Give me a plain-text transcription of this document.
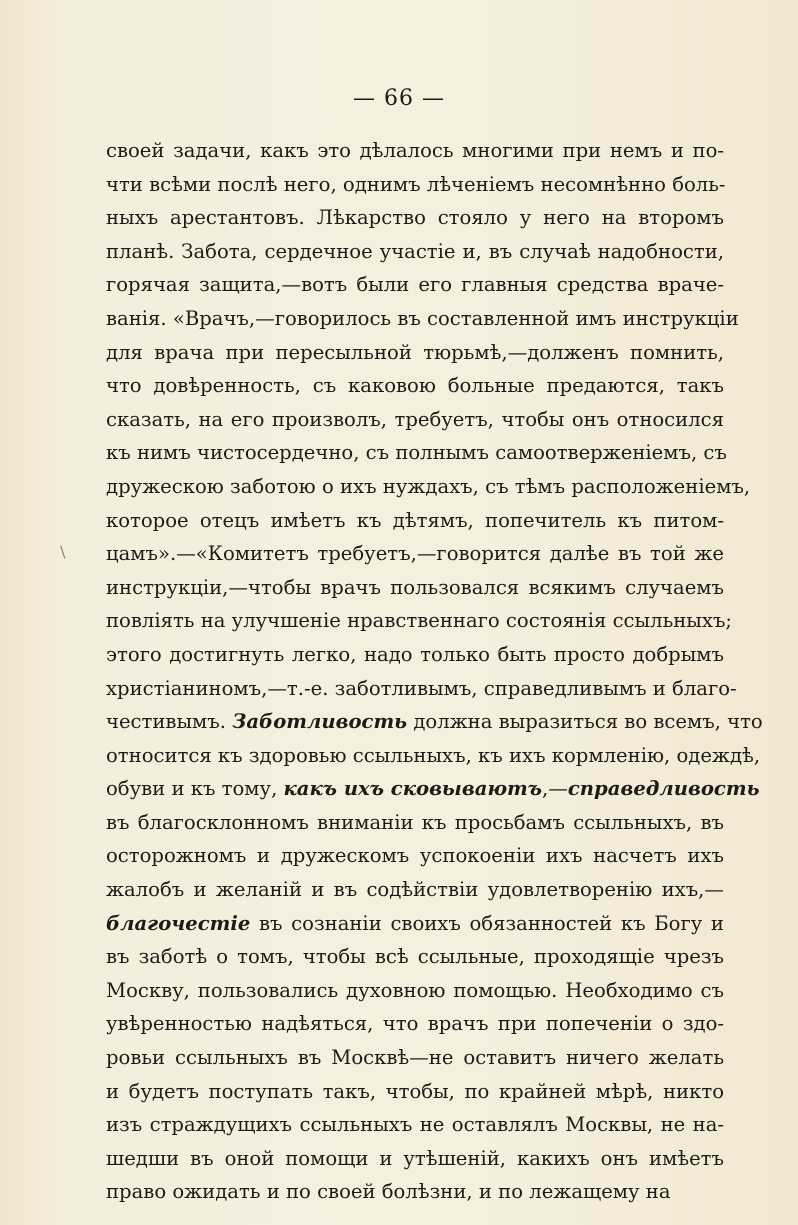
— 66 —
\
своей задачи, какъ это дѣлалось многими при немъ и по-
чти всѣми послѣ него, однимъ лѣченіемъ несомнѣнно боль-
ныхъ арестантовъ. Лѣкарство стояло у него на второмъ
планѣ. Забота, сердечное участіе и, въ случаѣ надобности,
горячая защита,—вотъ были его главныя средства враче-
ванія. «Врачъ,—говорилось въ составленной имъ инструкціи
для врача при пересыльной тюрьмѣ,—долженъ помнить,
что довѣренность, съ каковою больные предаются, такъ
сказать, на его произволъ, требуетъ, чтобы онъ относился
къ нимъ чистосердечно, съ полнымъ самоотверженіемъ, съ
дружескою заботою о ихъ нуждахъ, съ тѣмъ расположеніемъ,
которое отецъ имѣетъ къ дѣтямъ, попечитель къ питом-
цамъ».—«Комитетъ требуетъ,—говорится далѣе въ той же
инструкціи,—чтобы врачъ пользовался всякимъ случаемъ
повліять на улучшеніе нравственнаго состоянія ссыльныхъ;
этого достигнуть легко, надо только быть просто добрымъ
христіаниномъ,—т.-е. заботливымъ, справедливымъ и благо-
честивымъ. Заботливость должна выразиться во всемъ, что
относится къ здоровью ссыльныхъ, къ ихъ кормленію, одеждѣ,
обуви и къ тому, какъ ихъ сковываютъ,—справедливость
въ благосклонномъ вниманіи къ просьбамъ ссыльныхъ, въ
осторожномъ и дружескомъ успокоеніи ихъ насчетъ ихъ
жалобъ и желаній и въ содѣйствіи удовлетворенію ихъ,—
благочестіе въ сознаніи своихъ обязанностей къ Богу и
въ заботѣ о томъ, чтобы всѣ ссыльные, проходящіе чрезъ
Москву, пользовались духовною помощью. Необходимо съ
увѣренностью надѣяться, что врачъ при попеченіи о здо-
ровьи ссыльныхъ въ Москвѣ—не оставитъ ничего желать
и будетъ поступать такъ, чтобы, по крайней мѣрѣ, никто
изъ страждущихъ ссыльныхъ не оставлялъ Москвы, не на-
шедши въ оной помощи и утѣшеній, какихъ онъ имѣетъ
право ожидать и по своей болѣзни, и по лежащему на
